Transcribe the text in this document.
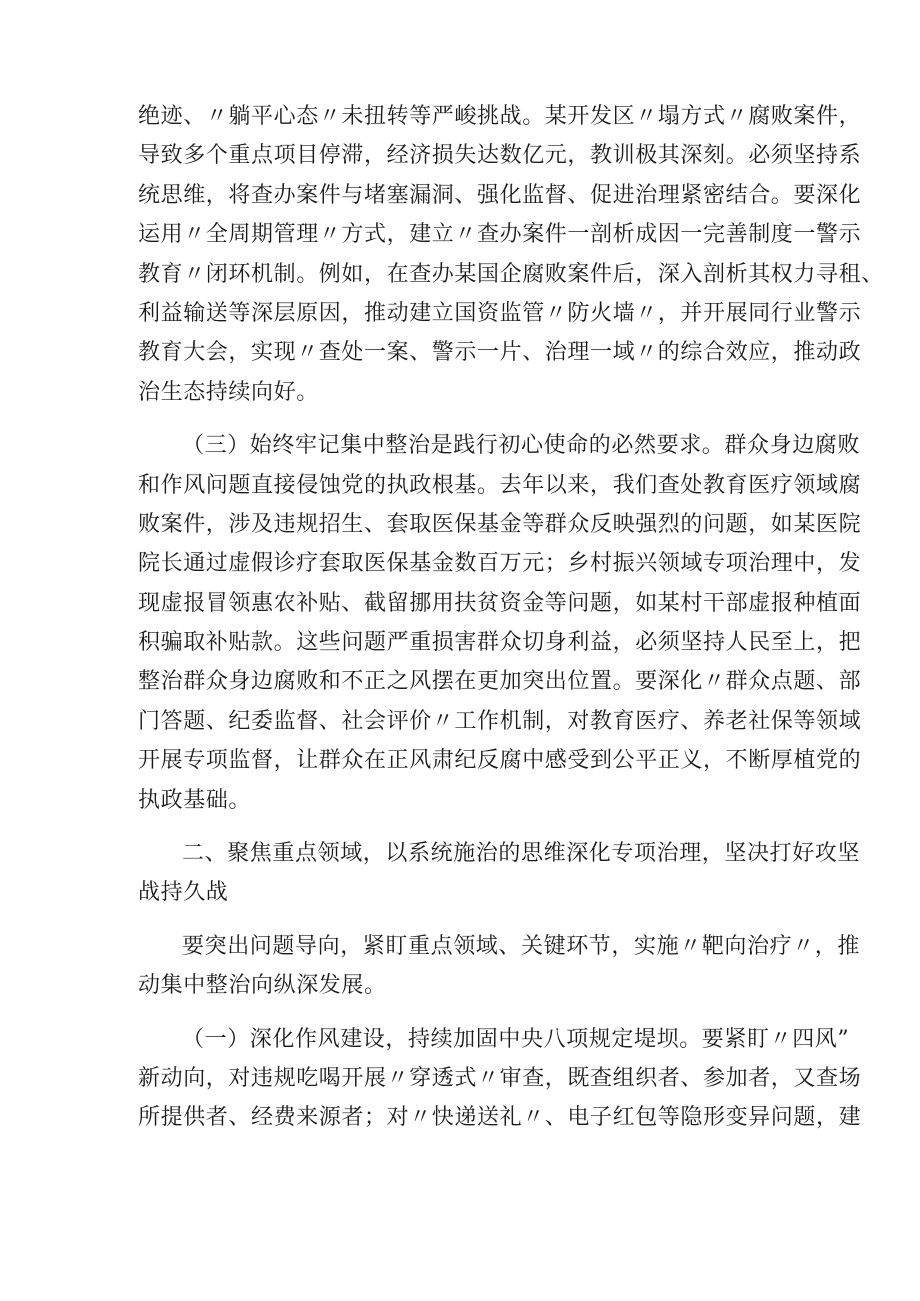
绝迹、〃躺平心态〃未扭转等严峻挑战。某开发区〃塌方式〃腐败案件，
导致多个重点项目停滞，经济损失达数亿元，教训极其深刻。必须坚持系
统思维，将查办案件与堵塞漏洞、强化监督、促进治理紧密结合。要深化
运用〃全周期管理〃方式，建立〃查办案件一剖析成因一完善制度一警示
教育〃闭环机制。例如，在查办某国企腐败案件后，深入剖析其权力寻租、
利益输送等深层原因，推动建立国资监管〃防火墙〃，并开展同行业警示
教育大会，实现〃查处一案、警示一片、治理一域〃的综合效应，推动政
治生态持续向好。

（三）始终牢记集中整治是践行初心使命的必然要求。群众身边腐败
和作风问题直接侵蚀党的执政根基。去年以来，我们查处教育医疗领域腐
败案件，涉及违规招生、套取医保基金等群众反映强烈的问题，如某医院
院长通过虚假诊疗套取医保基金数百万元；乡村振兴领域专项治理中，发
现虚报冒领惠农补贴、截留挪用扶贫资金等问题，如某村干部虚报种植面
积骗取补贴款。这些问题严重损害群众切身利益，必须坚持人民至上，把
整治群众身边腐败和不正之风摆在更加突出位置。要深化〃群众点题、部
门答题、纪委监督、社会评价〃工作机制，对教育医疗、养老社保等领域
开展专项监督，让群众在正风肃纪反腐中感受到公平正义，不断厚植党的
执政基础。

二、聚焦重点领域，以系统施治的思维深化专项治理，坚决打好攻坚
战持久战

要突出问题导向，紧盯重点领域、关键环节，实施〃靶向治疗〃，推
动集中整治向纵深发展。

（一）深化作风建设，持续加固中央八项规定堤坝。要紧盯〃四风”
新动向，对违规吃喝开展〃穿透式〃审查，既查组织者、参加者，又查场
所提供者、经费来源者；对〃快递送礼〃、电子红包等隐形变异问题，建
